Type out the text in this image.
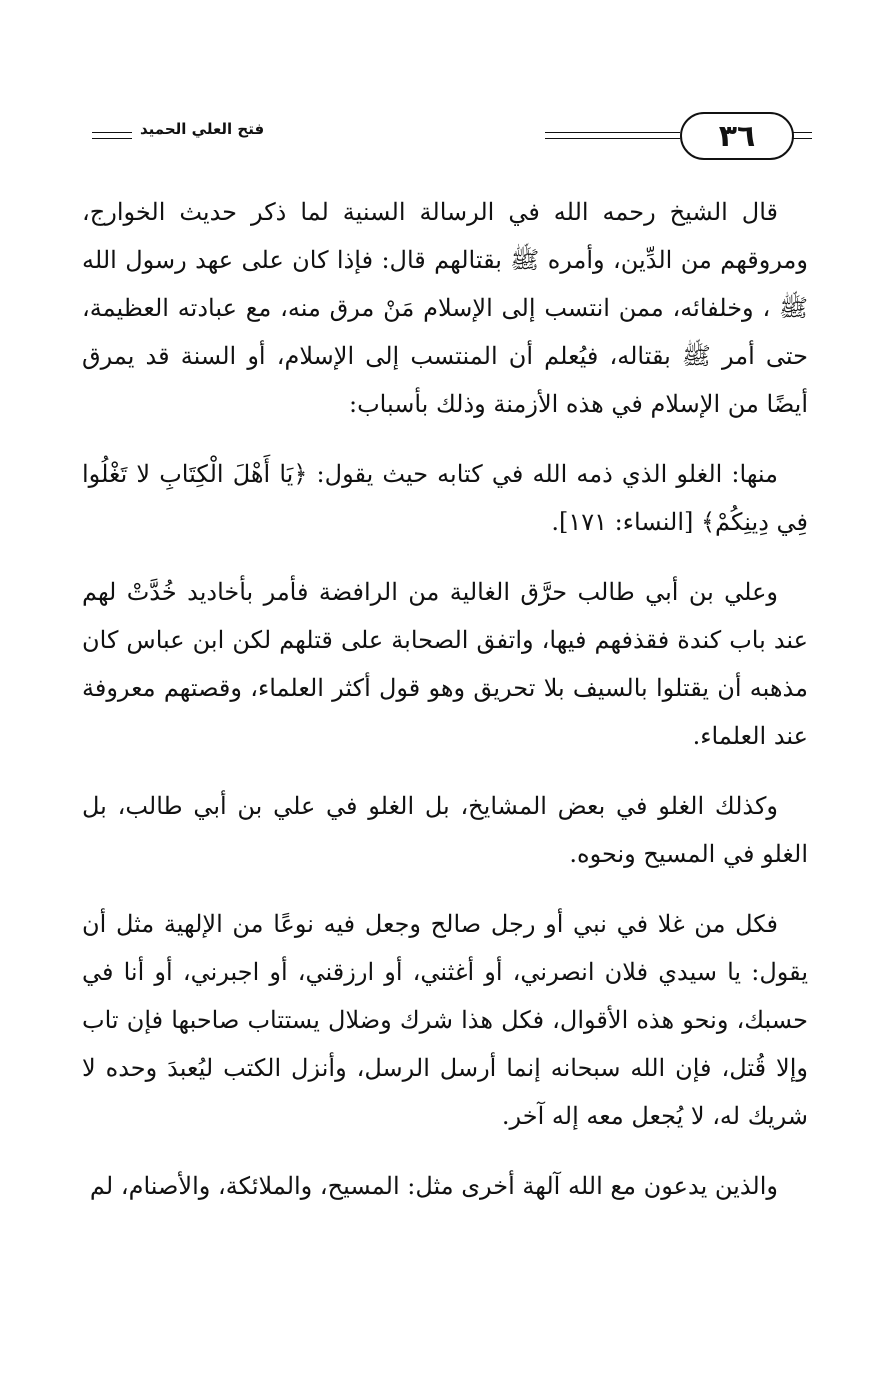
٣٦
فتح العلي الحميد

قال الشيخ رحمه الله في الرسالة السنية لما ذكر حديث الخوارج، ومروقهم من الدِّين، وأمره ﷺ بقتالهم قال: فإذا كان على عهد رسول الله ﷺ ، وخلفائه، ممن انتسب إلى الإسلام مَنْ مرق منه، مع عبادته العظيمة، حتى أمر ﷺ بقتاله، فيُعلم أن المنتسب إلى الإسلام، أو السنة قد يمرق أيضًا من الإسلام في هذه الأزمنة وذلك بأسباب:

منها: الغلو الذي ذمه الله في كتابه حيث يقول: ﴿يَا أَهْلَ الْكِتَابِ لا تَغْلُوا فِي دِينِكُمْ﴾ [النساء: ١٧١].

وعلي بن أبي طالب حرَّق الغالية من الرافضة فأمر بأخاديد خُدَّتْ لهم عند باب كندة فقذفهم فيها، واتفق الصحابة على قتلهم لكن ابن عباس كان مذهبه أن يقتلوا بالسيف بلا تحريق وهو قول أكثر العلماء، وقصتهم معروفة عند العلماء.

وكذلك الغلو في بعض المشايخ، بل الغلو في علي بن أبي طالب، بل الغلو في المسيح ونحوه.

فكل من غلا في نبي أو رجل صالح وجعل فيه نوعًا من الإلهية مثل أن يقول: يا سيدي فلان انصرني، أو أغثني، أو ارزقني، أو اجبرني، أو أنا في حسبك، ونحو هذه الأقوال، فكل هذا شرك وضلال يستتاب صاحبها فإن تاب وإلا قُتل، فإن الله سبحانه إنما أرسل الرسل، وأنزل الكتب ليُعبدَ وحده لا شريك له، لا يُجعل معه إله آخر.

والذين يدعون مع الله آلهة أخرى مثل: المسيح، والملائكة، والأصنام، لم
